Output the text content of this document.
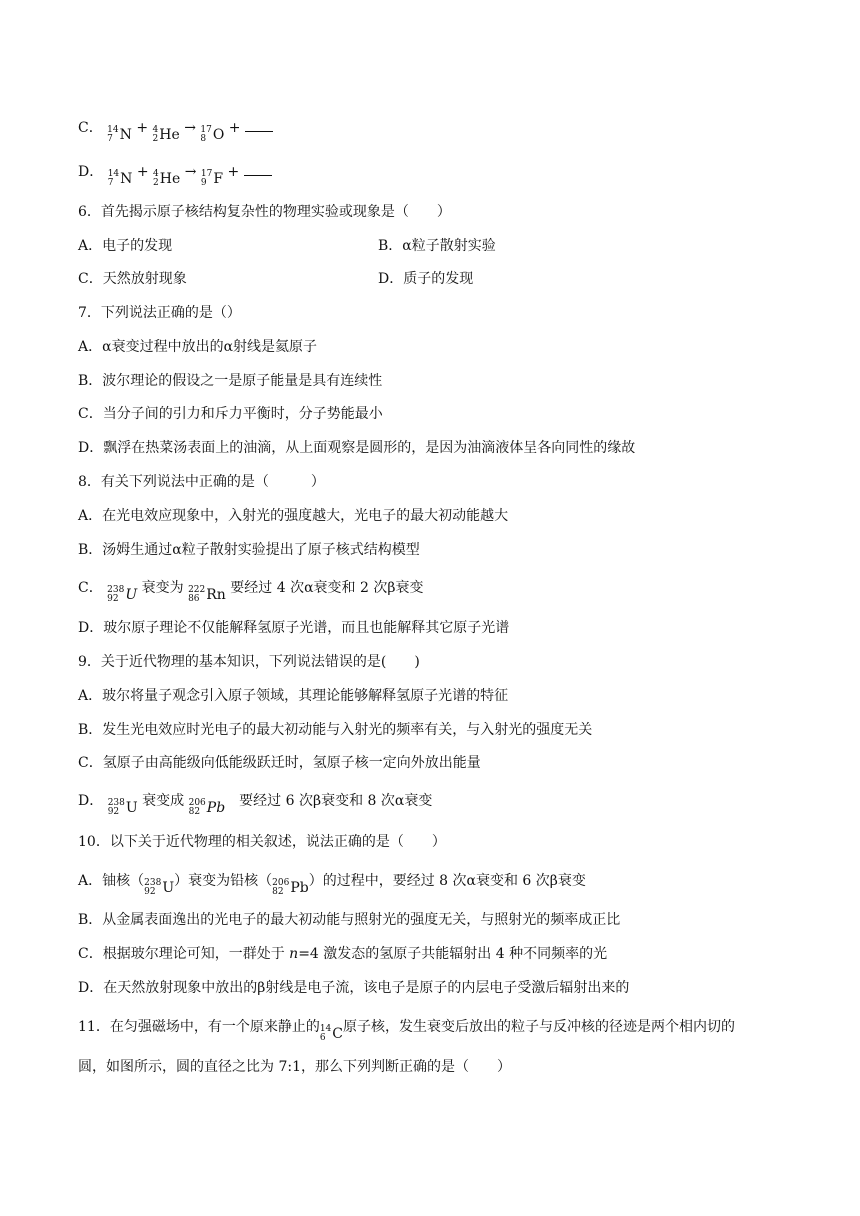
C． 14
7 N + 4
2 He → 17
8 O +
D． 14
7 N + 4
2 He → 17
9 F +
6．首先揭示原子核结构复杂性的物理实验或现象是（　　）
A．电子的发现	B．α粒子散射实验
C．天然放射现象	D．质子的发现
7．下列说法正确的是（）
A．α衰变过程中放出的α射线是氦原子
B．波尔理论的假设之一是原子能量是具有连续性
C．当分子间的引力和斥力平衡时，分子势能最小
D．飘浮在热菜汤表面上的油滴，从上面观察是圆形的，是因为油滴液体呈各向同性的缘故
8．有关下列说法中正确的是（　　　）
A．在光电效应现象中，入射光的强度越大，光电子的最大初动能越大
B．汤姆生通过α粒子散射实验提出了原子核式结构模型
C． 238
92 U 衰变为 222
86 Rn 要经过 4 次α衰变和 2 次β衰变
D．玻尔原子理论不仅能解释氢原子光谱，而且也能解释其它原子光谱
9．关于近代物理的基本知识，下列说法错误的是(　　)
A．玻尔将量子观念引入原子领域，其理论能够解释氢原子光谱的特征
B．发生光电效应时光电子的最大初动能与入射光的频率有关，与入射光的强度无关
C．氢原子由高能级向低能级跃迁时，氢原子核一定向外放出能量
D． 238
92 U 衰变成 206
82 Pb 　要经过 6 次β衰变和 8 次α衰变
10．以下关于近代物理的相关叙述，说法正确的是（　　）
A．铀核（ 238
92 U ）衰变为铅核（ 206
82 Pb ）的过程中，要经过 8 次α衰变和 6 次β衰变
B．从金属表面逸出的光电子的最大初动能与照射光的强度无关，与照射光的频率成正比
C．根据玻尔理论可知，一群处于 n=4 激发态的氢原子共能辐射出 4 种不同频率的光
D．在天然放射现象中放出的β射线是电子流，该电子是原子的内层电子受激后辐射出来的
11．在匀强磁场中，有一个原来静止的 14
6 C 原子核，发生衰变后放出的粒子与反冲核的径迹是两个相内切的
圆，如图所示，圆的直径之比为 7:1，那么下列判断正确的是（　　）
